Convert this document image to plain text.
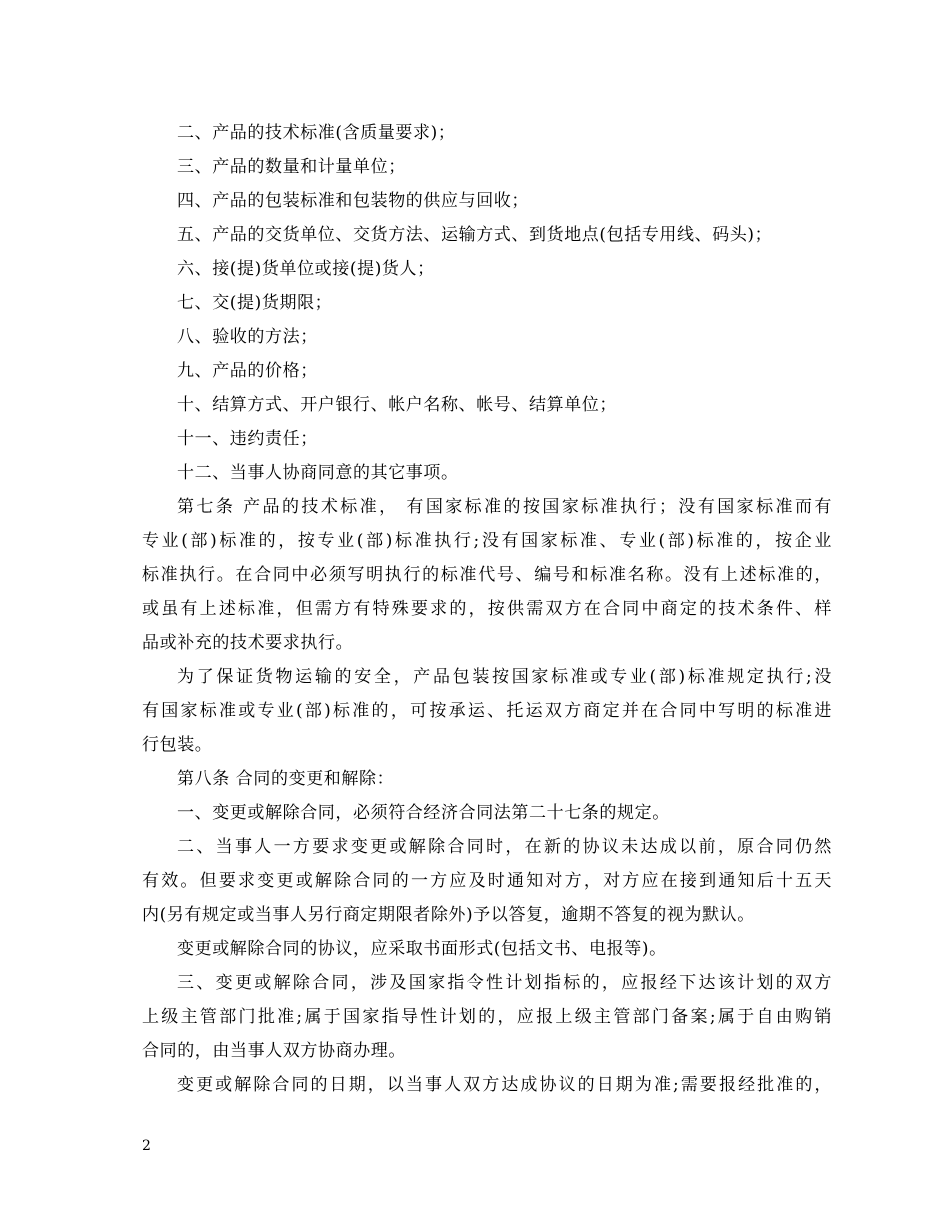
二、产品的技术标准(含质量要求)；
三、产品的数量和计量单位；
四、产品的包装标准和包装物的供应与回收；
五、产品的交货单位、交货方法、运输方式、到货地点(包括专用线、码头)；
六、接(提)货单位或接(提)货人；
七、交(提)货期限；
八、验收的方法；
九、产品的价格；
十、结算方式、开户银行、帐户名称、帐号、结算单位；
十一、违约责任；
十二、当事人协商同意的其它事项。
第七条 产品的技术标准， 有国家标准的按国家标准执行；没有国家标准而有
专业(部)标准的，按专业(部)标准执行;没有国家标准、专业(部)标准的，按企业
标准执行。在合同中必须写明执行的标准代号、编号和标准名称。没有上述标准的，
或虽有上述标准，但需方有特殊要求的，按供需双方在合同中商定的技术条件、样
品或补充的技术要求执行。
为了保证货物运输的安全，产品包装按国家标准或专业(部)标准规定执行;没
有国家标准或专业(部)标准的，可按承运、托运双方商定并在合同中写明的标准进
行包装。
第八条 合同的变更和解除：
一、变更或解除合同，必须符合经济合同法第二十七条的规定。
二、当事人一方要求变更或解除合同时，在新的协议未达成以前，原合同仍然
有效。但要求变更或解除合同的一方应及时通知对方，对方应在接到通知后十五天
内(另有规定或当事人另行商定期限者除外)予以答复，逾期不答复的视为默认。
变更或解除合同的协议，应采取书面形式(包括文书、电报等)。
三、变更或解除合同，涉及国家指令性计划指标的，应报经下达该计划的双方
上级主管部门批准;属于国家指导性计划的，应报上级主管部门备案;属于自由购销
合同的，由当事人双方协商办理。
变更或解除合同的日期，以当事人双方达成协议的日期为准;需要报经批准的，
2
